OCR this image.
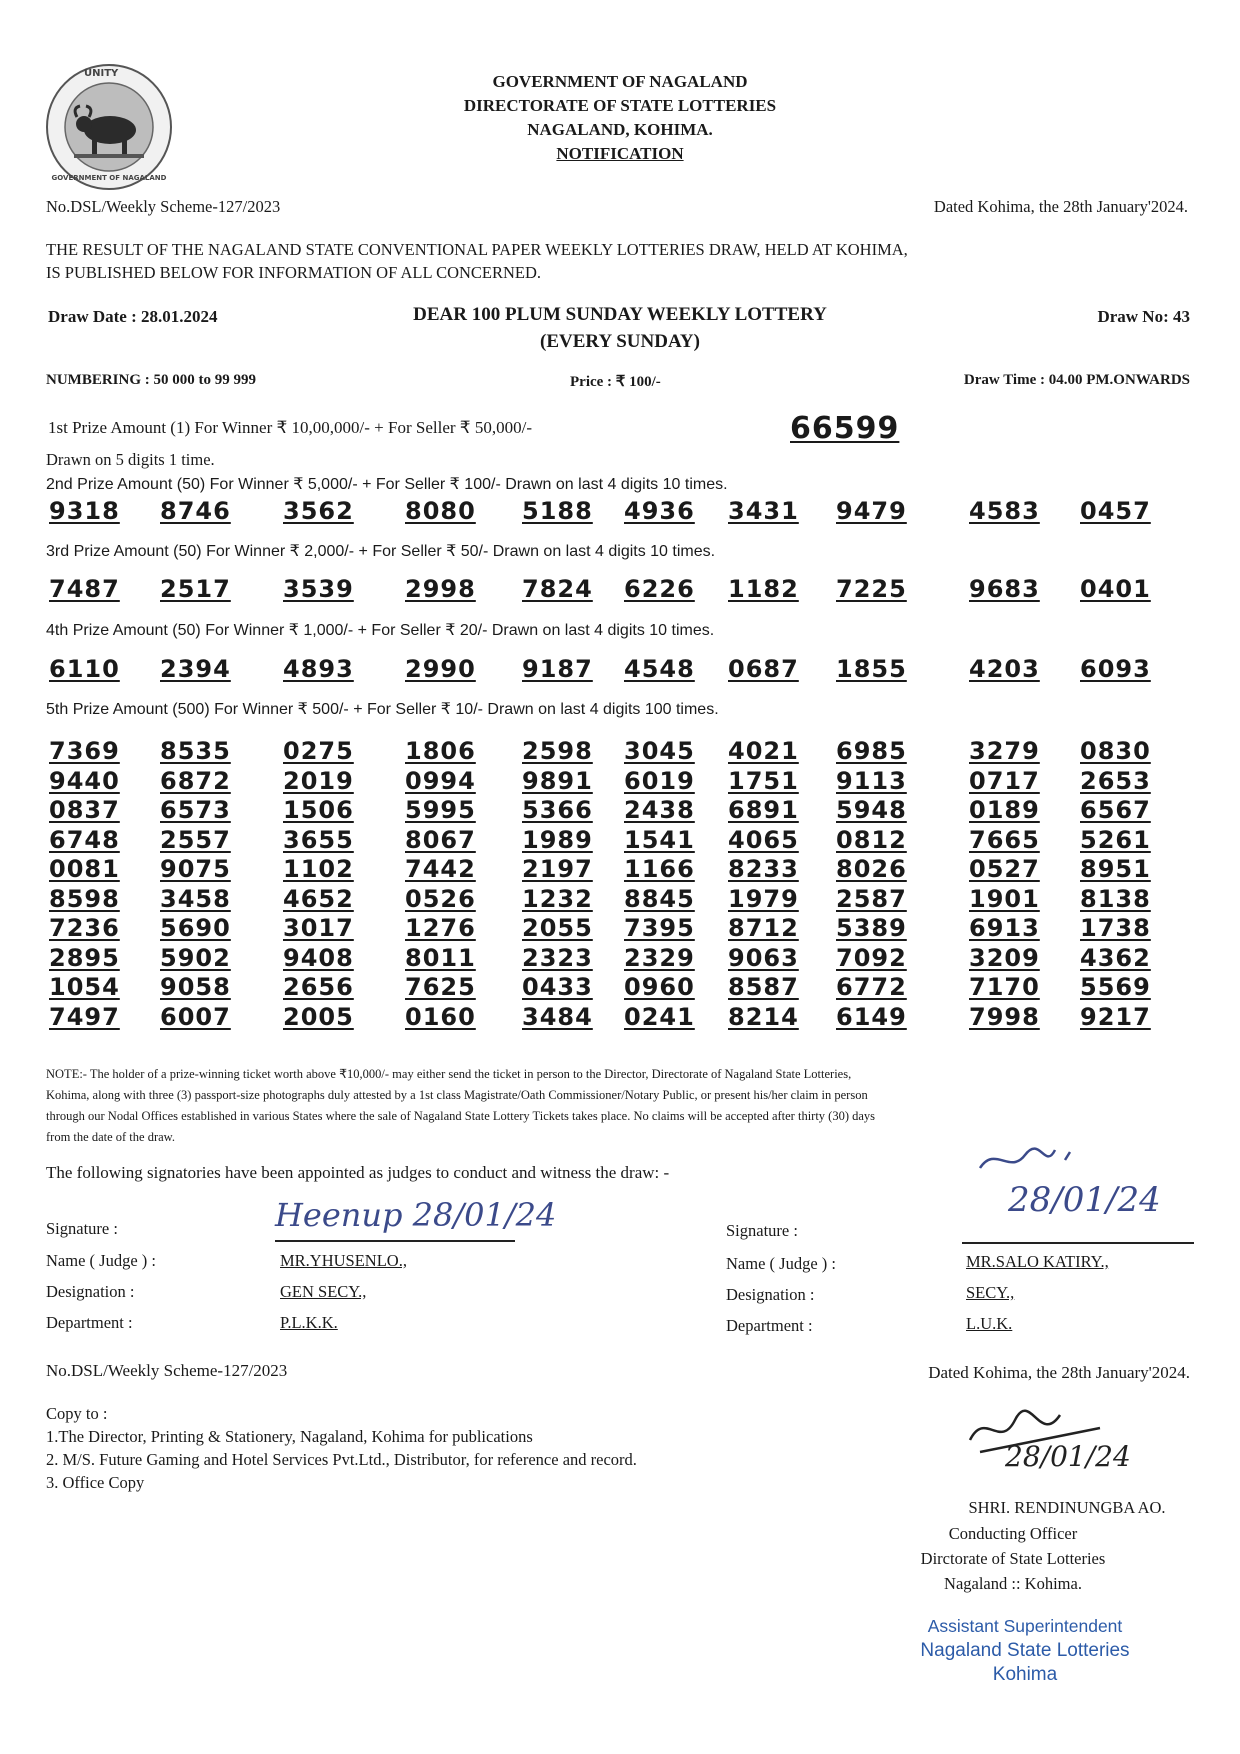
UNITY
GOVERNMENT OF NAGALAND
GOVERNMENT OF NAGALAND
DIRECTORATE OF STATE LOTTERIES
NAGALAND, KOHIMA.
NOTIFICATION
No.DSL/Weekly Scheme-127/2023	Dated Kohima, the 28th January'2024.
THE RESULT OF THE NAGALAND STATE CONVENTIONAL PAPER WEEKLY LOTTERIES DRAW, HELD AT KOHIMA,
IS PUBLISHED BELOW FOR INFORMATION OF ALL CONCERNED.
Draw Date : 28.01.2024	DEAR 100 PLUM SUNDAY WEEKLY LOTTERY
(EVERY SUNDAY)
Draw No: 43
NUMBERING : 50 000 to 99 999	Price : ₹ 100/-	Draw Time : 04.00 PM.ONWARDS
1st Prize Amount (1) For Winner ₹ 10,00,000/- + For Seller ₹ 50,000/-	66599
Drawn on 5 digits 1 time.
2nd Prize Amount (50) For Winner ₹ 5,000/- + For Seller ₹ 100/- Drawn on last 4 digits 10 times.
9318 8746 3562 8080 5188 4936 3431 9479	4583 0457
3rd Prize Amount (50) For Winner ₹ 2,000/- + For Seller ₹ 50/- Drawn on last 4 digits 10 times.
7487 2517 3539 2998 7824 6226 1182 7225	9683 0401
4th Prize Amount (50) For Winner ₹ 1,000/- + For Seller ₹ 20/- Drawn on last 4 digits 10 times.
6110 2394 4893 2990 9187 4548 0687 1855	4203 6093
5th Prize Amount (500) For Winner ₹ 500/- + For Seller ₹ 10/- Drawn on last 4 digits 100 times.
7369 8535 0275 1806 2598 3045 4021 6985	3279 0830
9440 6872 2019 0994 9891 6019 1751 9113	0717 2653
0837 6573 1506 5995 5366 2438 6891 5948	0189 6567
6748 2557 3655 8067 1989 1541 4065 0812	7665 5261
0081 9075 1102 7442 2197 1166 8233 8026	0527 8951
8598 3458 4652 0526 1232 8845 1979 2587	1901 8138
7236 5690 3017 1276 2055 7395 8712 5389	6913 1738
2895 5902 9408 8011 2323 2329 9063 7092	3209 4362
1054 9058 2656 7625 0433 0960 8587 6772	7170 5569
7497 6007 2005 0160 3484 0241 8214 6149	7998 9217
NOTE:- The holder of a prize-winning ticket worth above ₹10,000/- may either send the ticket in person to the Director, Directorate of Nagaland State Lotteries,
Kohima, along with three (3) passport-size photographs duly attested by a 1st class Magistrate/Oath Commissioner/Notary Public, or present his/her claim in person
through our Nodal Offices established in various States where the sale of Nagaland State Lottery Tickets takes place. No claims will be accepted after thirty (30) days
from the date of the draw.
The following signatories have been appointed as judges to conduct and witness the draw: -
28/01/24
Signature :	Heenup 28/01/24
Name ( Judge ) :	MR.YHUSENLO.,
Designation :	GEN SECY.,
Department :	P.L.K.K.
Signature :
Name ( Judge ) :	MR.SALO KATIRY.,
Designation :	SECY.,
Department :	L.U.K.
No.DSL/Weekly Scheme-127/2023	Dated Kohima, the 28th January'2024.
Copy to :
1.The Director, Printing & Stationery, Nagaland, Kohima for publications
2. M/S. Future Gaming and Hotel Services Pvt.Ltd., Distributor, for reference and record.
3. Office Copy
28/01/24
SHRI. RENDINUNGBA AO.
Conducting Officer
Dirctorate of State Lotteries
Nagaland :: Kohima.
Assistant Superintendent
Nagaland State Lotteries
Kohima
